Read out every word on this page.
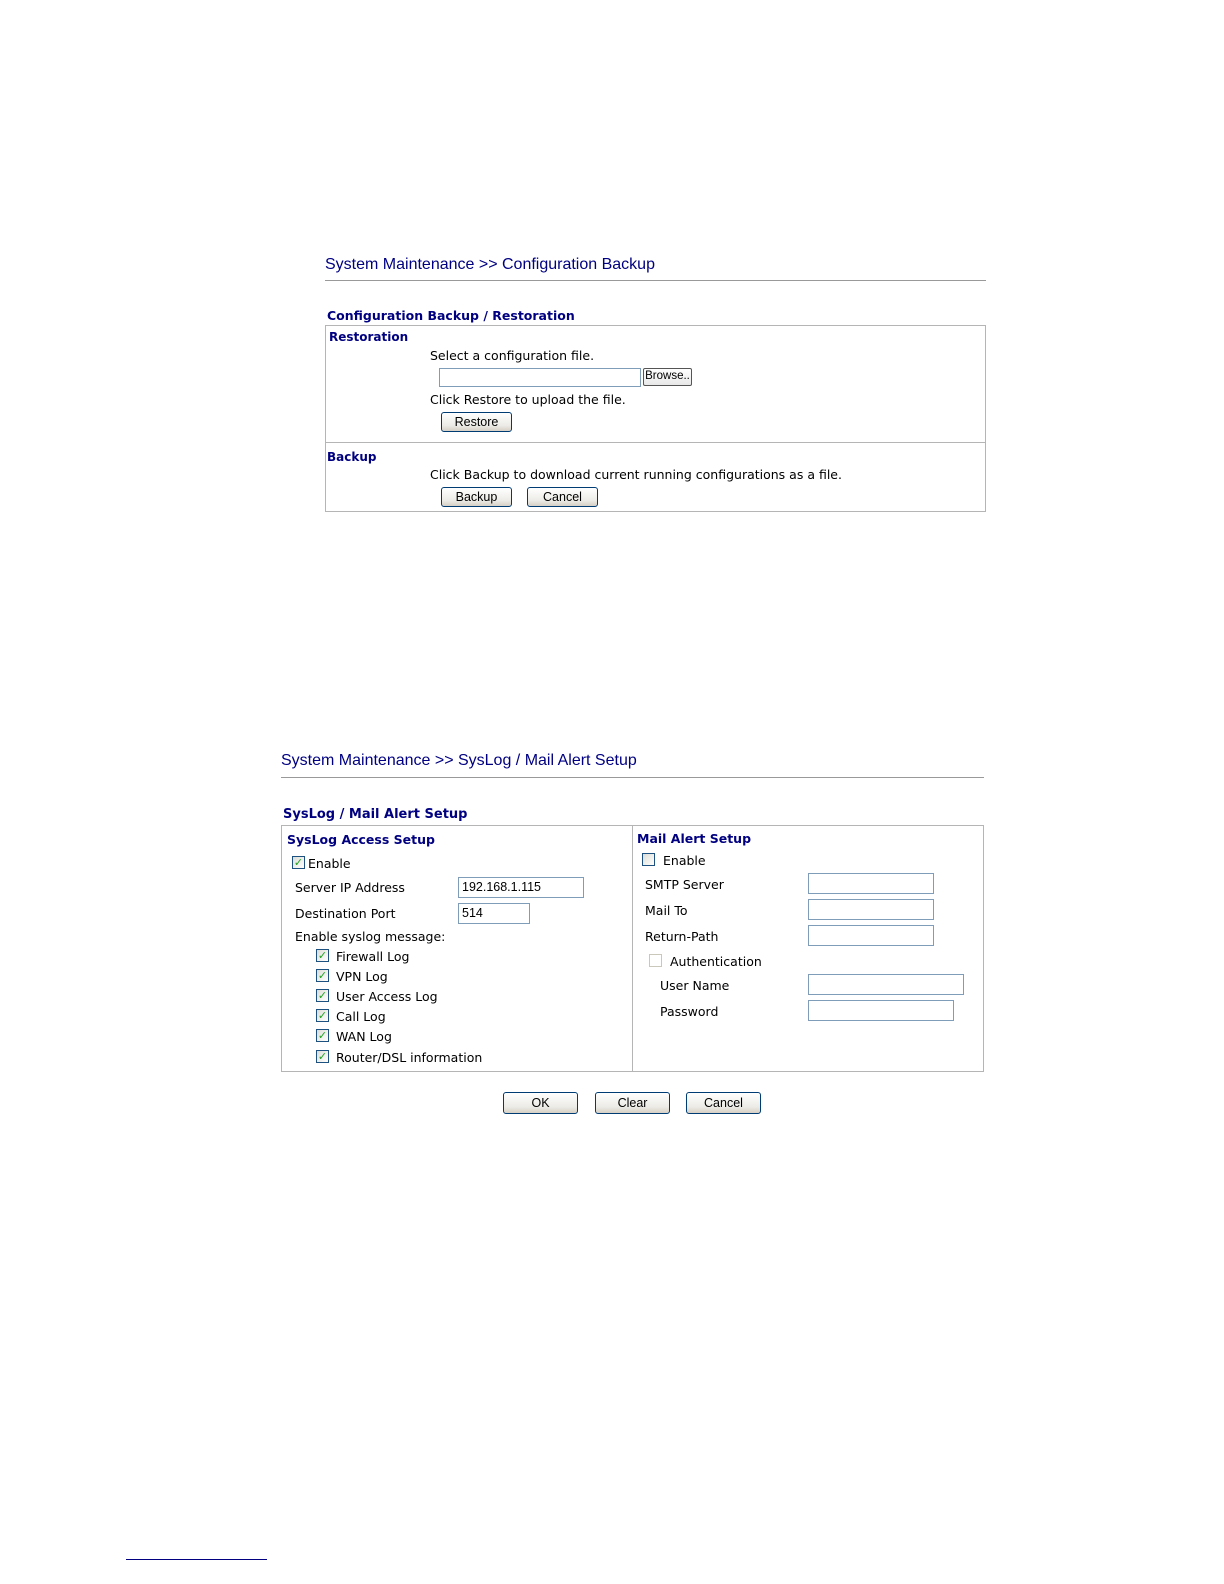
System Maintenance >> Configuration Backup
Configuration Backup / Restoration
Restoration
Select a configuration file.
Browse..
Click Restore to upload the file.
Restore
Backup
Click Backup to download current running configurations as a file.
Backup	Cancel
System Maintenance >> SysLog / Mail Alert Setup
SysLog / Mail Alert Setup
SysLog Access Setup
✓ Enable
Server IP Address	192.168.1.115
Destination Port	514
Enable syslog message:
✓ Firewall Log
✓ VPN Log
✓ User Access Log
✓ Call Log
✓ WAN Log
✓ Router/DSL information
Mail Alert Setup
Enable
SMTP Server
Mail To
Return-Path
Authentication
User Name
Password
OK	Clear	Cancel
